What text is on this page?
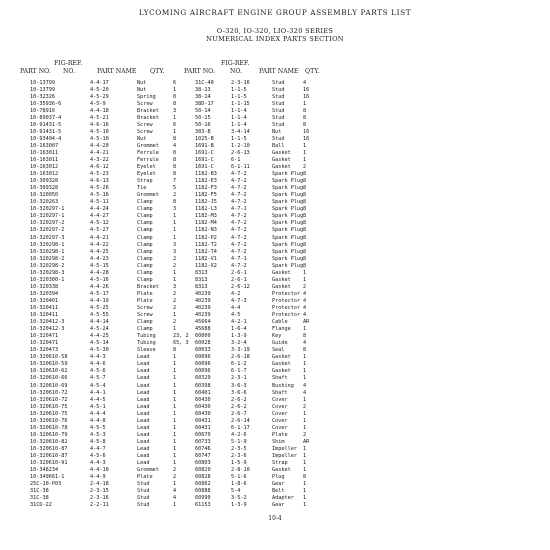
LYCOMING AIRCRAFT ENGINE GROUP ASSEMBLY PARTS LIST
O-320, IO-320, LIO-320 SERIES
NUMERICAL INDEX PARTS SECTION
FIG-REF.
NO.
PART NO.	PART NAME QTY.
FIG-REF.
NO.
PART NO.	PART NAME QTY.
10-13799	4-4-17	Nut	6
10-13799	4-5-20	Nut	1
10-32326	4-5-29	Spring	8
10-35936-6	4-5-9	Screw	8
10-78916	4-4-18	Bracket	3
10-89037-4	4-5-21	Bracket	1
10-91431-5	4-6-16	Screw	6
10-91431-5	4-5-10	Screw	1
10-93404-4	4-5-10	Nut	8
10-163007	4-4-20	Grommet	4
10-163011	4-4-21	Ferrule	8
10-163011	4-3-22	Ferrule	8
10-163012	4-6-12	Eyelet	8
10-163012	4-5-23	Eyelet	8
10-309328	4-6-13	Strap	7
10-309328	4-5-26	Tie	5
10-320050	4-5-16	Grommet	2
10-320263	4-5-11	Clamp	8
10-320297-1	4-4-24	Clamp	3
10-320297-1	4-4-27	Clamp	1
10-320297-2	4-5-12	Clamp	1
10-320297-2	4-5-27	Clamp	1
10-320297-3	4-4-21	Clamp	1
10-320298-1	4-4-22	Clamp	3
10-320298-1	4-4-25	Clamp	3
10-320298-2	4-4-23	Clamp	2
10-320298-2	4-5-15	Clamp	2
10-320298-3	4-4-28	Clamp	1
10-320300-1	4-5-16	Clamp	1
10-320338	4-4-26	Bracket	3
10-320394	4-5-17	Plate	2
10-320401	4-4-19	Plate	2
10-320411	4-5-25	Screw	2
10-320411	4-5-55	Screw	1
10-320412-3	4-4-14	Clamp	2
10-320412-3	4-5-24	Clamp	1
10-320471	4-4-25	Tubing	23, 2
10-320471	4-5-14	Tubing	65, 3
10-320473	4-5-30	Sleeve	8
10-320610-58	4-4-3	Lead	1
10-320610-59	4-4-6	Lead	1
10-320610-62	4-5-6	Lead	1
10-320610-66	4-5-7	Lead	1
10-320610-69	4-5-4	Lead	1
10-320610-72	4-4-1	Lead	1
10-320610-72	4-4-5	Lead	1
10-320610-75	4-5-1	Lead	1
10-320610-75	4-4-4	Lead	1
10-320610-76	4-4-8	Lead	1
10-320610-78	4-5-5	Lead	1
10-320610-79	4-5-3	Lead	1
10-320610-82	4-5-8	Lead	1
10-320610-87	4-4-7	Lead	1
10-320610-87	4-5-6	Lead	1
10-320610-91	4-4-3	Lead	1
10-348234	4-4-10	Grommet	2
10-349661-1	4-4-9	Plate	2
25C-10-P03	2-4-18	Stud	1
31C-38	2-3-15	Stud	4
31C-38	2-3-16	Stud	4
31CD-22	2-2-11	Stud	1
31C-40	2-3-16	Stud	4
38-13	1-1-5	Stud	16
38-14	1-1-5	Stud	16
38D-17	1-1-15	Stud	1
50-14	1-1-4	Stud	8
50-15	1-1-4	Stud	8
50-16	1-1-4	Stud	8
383-B	3-4-14	Nut	16
1025-B	1-1-5	Stud	16
1691-B	1-2-10	Ball	1
1691-C	2-6-13	Gasket 1
1691-C	6-1	Gasket 1
1691-C	6-1-11	Gasket 2
1182-B3	4-7-2	Spark Plug 8
1182-E3	4-7-2	Spark Plug 8
1182-F3	4-7-2	Spark Plug 8
1182-F5	4-7-2	Spark Plug 8
1182-J5	4-7-2	Spark Plug 8
1182-L3	4-7-1	Spark Plug 8
1182-M3	4-7-2	Spark Plug 8
1182-M4	4-7-2	Spark Plug 8
1182-N3	4-7-2	Spark Plug 8
1182-P2	4-7-2	Spark Plug 8
1182-T2	4-7-2	Spark Plug 8
1182-T4	4-7-2	Spark Plug 8
1182-V1	4-7-1	Spark Plug 8
1182-X2	4-7-2	Spark Plug 8
8313	2-6-1	Gasket 1
8313	2-6-1	Gasket 1
8313	2-6-12	Gasket 2
40239	4-2	Protector 4
40239	4-7-3	Protector 4
40239	4-4	Protector 4
40239	4-5	Protector 4
45664	4-2-1	Cable	AR
45688	1-6-4	Flange 1
60000	1-3-9	Key	8
60028	3-2-4	Guide	4
60033	3-3-19	Seal	8
60096	2-6-18	Gasket 1
60096	6-1-2	Gasket 1
60096	6-1-7	Gasket 1
60329	2-3-1	Shaft	1
60398	3-6-3	Bushing 4
60401	3-6-6	Shaft	4
60430	2-6-2	Cover	1
60430	2-6-2	Cover	2
60430	2-6-7	Cover	1
60431	2-6-14	Cover	1
60431	6-1-17	Cover	1
60670	4-2-6	Plate	2
60733	5-1-9	Shim	AR
60746	2-3-5	Impeller 1
60747	2-3-6	Impeller 1
60803	1-5-9	Strap	1
60820	2-8-10	Gasket 1
60828	5-1-6	Plug	8
60862	1-8-6	Gear	1
60888	5-4	Belt	1
60990	3-5-2	Adapter 1
61153	1-3-9	Gear	1
10-4
